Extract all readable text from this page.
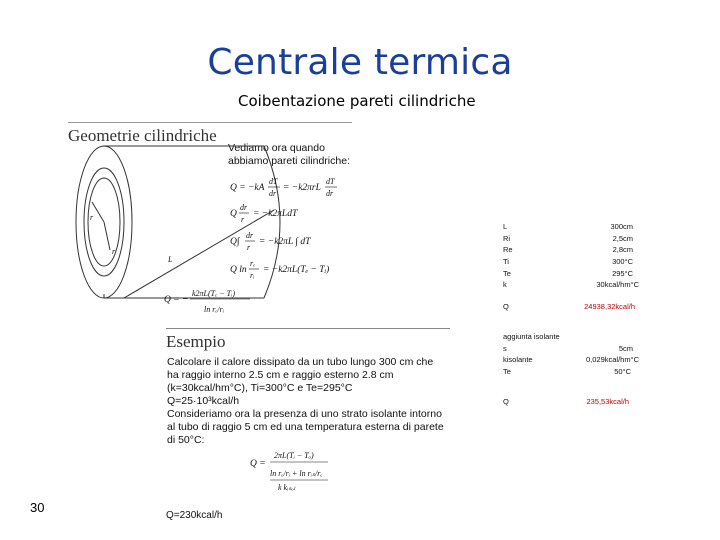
Centrale termica
Coibentazione pareti cilindriche
Geometrie cilindriche
Vediamo ora quando
abbiamo pareti cilindriche:
r
r
L
Q = −kA
dT
dr
= −k2πrL
dT
dr
Q
dr
r
= −k2πLdT
Q∫
dr
r
= −k2πL ∫ dT
Q ln
rₑ
rᵢ
= −k2πL(Tₑ − Tᵢ)
Q = −
k2πL(Tₑ − Tᵢ)
ln rₑ/rᵢ
Q =
2πL(Tᵢ − Tₐ)
ln rₑ/rᵢ + ln rᵢₛ/rₑ
k kᵢₛₒₗ
Esempio
Calcolare il calore dissipato da un tubo lungo 300 cm che
ha raggio interno 2.5 cm e raggio esterno 2.8 cm
(k=30kcal/hm°C), Ti=300°C e Te=295°C
Q=25·10³kcal/h
Consideriamo ora la presenza di uno strato isolante intorno
al tubo di raggio 5 cm ed una temperatura esterna di parete
di 50°C:
Q=230kcal/h
L	300cm
Ri	2,5cm
Re	2,8cm
Ti	300°C
Te	295°C
k	30kcal/hm°C
Q	24938,32kcal/h
aggiunta isolante
s	5cm
kisolante	0,029kcal/hm°C
Te	50°C
Q	235,53kcal/h
30
